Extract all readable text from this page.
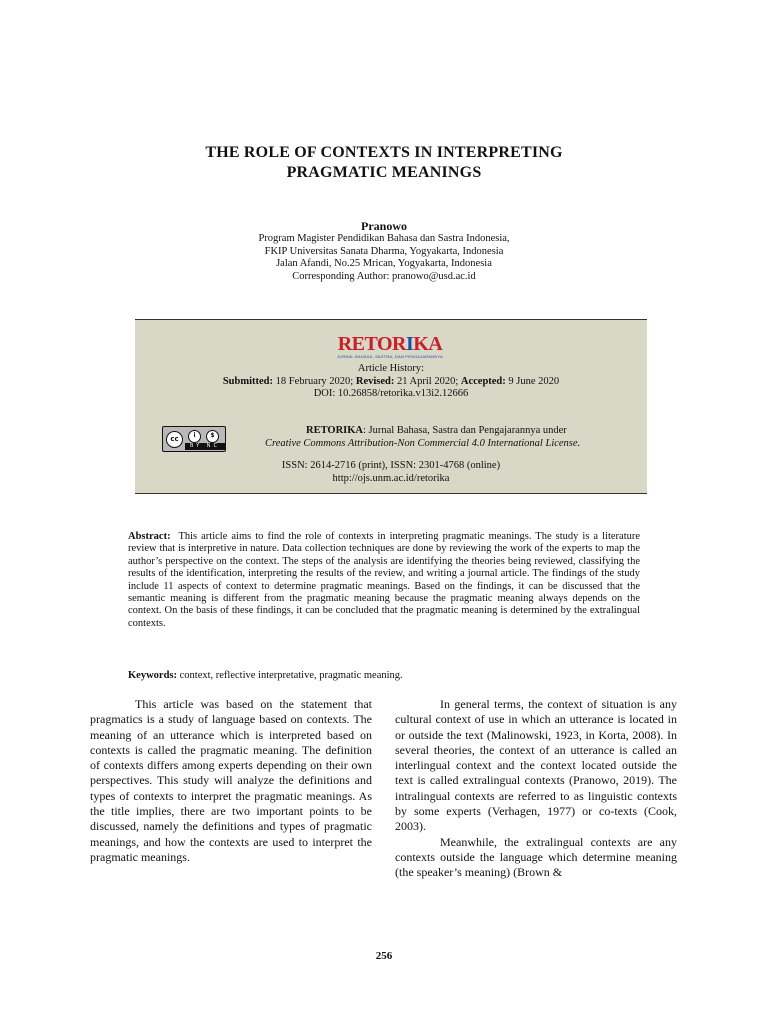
THE ROLE OF CONTEXTS IN INTERPRETING
PRAGMATIC MEANINGS
Pranowo
Program Magister Pendidikan Bahasa dan Sastra Indonesia,
FKIP Universitas Sanata Dharma, Yogyakarta, Indonesia
Jalan Afandi, No.25 Mrican, Yogyakarta, Indonesia
Corresponding Author: pranowo@usd.ac.id
RETORIKA
JURNAL BAHASA, SASTRA, DAN PENGAJARANNYA
Article History:
Submitted: 18 February 2020; Revised: 21 April 2020; Accepted: 9 June 2020
DOI: 10.26858/retorika.v13i2.12666
cc	i	$
BY NC
RETORIKA: Jurnal Bahasa, Sastra dan Pengajarannya under
Creative Commons Attribution-Non Commercial 4.0 International License.
ISSN: 2614-2716 (print), ISSN: 2301-4768 (online)
http://ojs.unm.ac.id/retorika
Abstract: This article aims to find the role of contexts in interpreting pragmatic meanings. The study is a literature review that is interpretive in nature. Data collection techniques are done by reviewing the work of the experts to map the author’s perspective on the context. The steps of the analysis are identifying the theories being reviewed, classifying the results of the identification, interpreting the results of the review, and writing a journal article. The findings of the study include 11 aspects of context to determine pragmatic meanings. Based on the findings, it can be discussed that the semantic meaning is different from the pragmatic meaning because the pragmatic meaning always depends on the context. On the basis of these findings, it can be concluded that the pragmatic meaning is determined by the extralingual contexts.
Keywords: context, reflective interpretative, pragmatic meaning.

This article was based on the statement that pragmatics is a study of language based on contexts. The meaning of an utterance which is interpreted based on contexts is called the pragmatic meaning. The definition of contexts differs among experts depending on their own perspectives. This study will analyze the definitions and types of contexts to interpret the pragmatic meanings. As the title implies, there are two important points to be discussed, namely the definitions and types of pragmatic meanings, and how the contexts are used to interpret the pragmatic meanings.

In general terms, the context of situation is any cultural context of use in which an utterance is located in or outside the text (Malinowski, 1923, in Korta, 2008). In several theories, the context of an utterance is called an interlingual context and the context located outside the text is called extralingual contexts (Pranowo, 2019). The intralingual contexts are referred to as linguistic contexts by some experts (Verhagen, 1977) or co-texts (Cook, 2003).

Meanwhile, the extralingual contexts are any contexts outside the language which determine meaning (the speaker’s meaning) (Brown &

256
